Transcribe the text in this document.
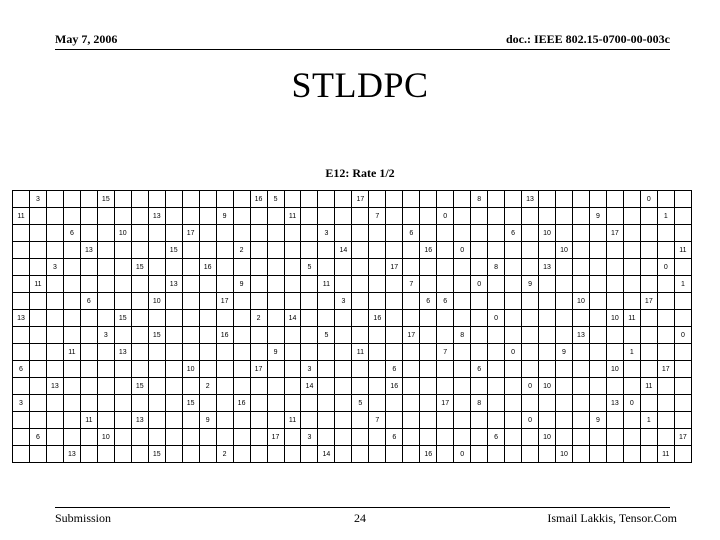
May 7, 2006	doc.: IEEE 802.15-0700-00-003c
STLDPC
E12: Rate 1/2
	3				15									16	5					17							8			13							0		
11								13				9				11					7				0									9				1	
			6			10				17								3					6						6		10				17				
				13					15				2						14					16		0						10							11
		3					15				16						5					17						8			13							0	
	11								13				9					11					7				0			9									1
				6				10				17							3					6	6								10				17		
13						15								2		14					16							0							10	11			
					3			15				16						5					17			8							13						0
			11			13									9					11					7				0			9				1			
6										10				17			3					6					6								10			17	
		13					15				2						14					16								0	10						11		
3										15			16							5					17		8								13	0			
				11			13				9					11					7									0				9			1		
	6				10										17		3					6						6			10								17
			13					15				2						14						16		0						10						11	
Submission	24	Ismail Lakkis, Tensor.Com
